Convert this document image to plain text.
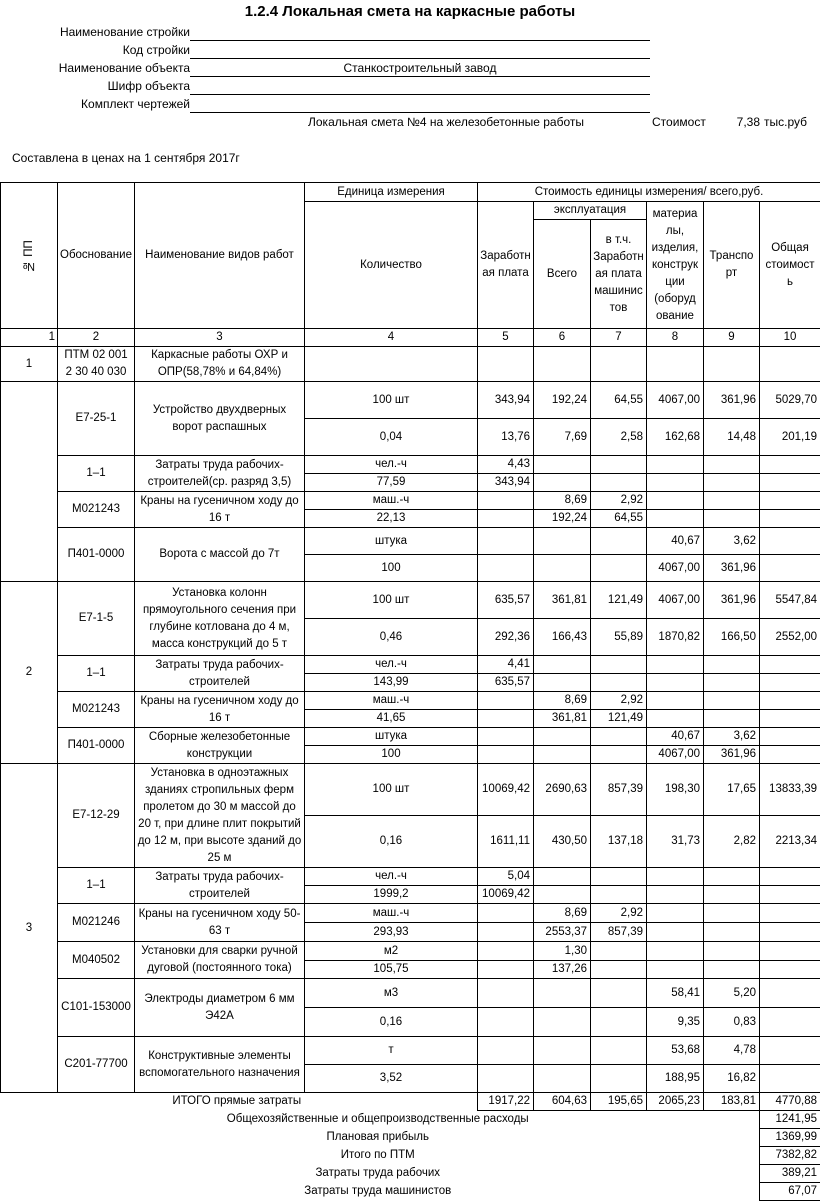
1.2.4 Локальная смета на каркасные работы
Наименование стройки
Код стройки
Наименование объекта	Станкостроительный завод
Шифр объекта
Комплект чертежей
Локальная смета №4 на железобетонные работы	Стоимост	7,38 тыс.руб
Составлена в ценах на 1 сентября 2017г
№ ПП	Обоснование	Наименование видов работ	Единица измерения	Стоимость единицы измерения/ всего,руб.					
			Количество	Заработн ая плата	эксплуатация		материа лы, изделия, конструк ции (оборуд ование	Транспо рт	Общая стоимост ь
					Всего	в т.ч. Заработн ая плата машинис тов			
1	2	3	4	5	6	7	8	9	10
1	ПТМ 02 001 2 30 40 030	Каркасные работы ОХР и ОПР(58,78% и 64,84%)							
	Е7-25-1	Устройство двухдверных ворот распашных	100 шт	343,94	192,24	64,55	4067,00	361,96	5029,70
			0,04	13,76	7,69	2,58	162,68	14,48	201,19
	1–1	Затраты труда рабочих-строителей(ср. разряд 3,5)	чел.-ч	4,43					
			77,59	343,94					
	М021243	Краны на гусеничном ходу до 16 т	маш.-ч		8,69	2,92			
			22,13		192,24	64,55			
	П401-0000	Ворота с массой до 7т	штука				40,67	3,62	
			100				4067,00	361,96	
2	Е7-1-5	Установка колонн прямоугольного сечения при глубине котлована до 4 м, масса конструкций до 5 т	100 шт	635,57	361,81	121,49	4067,00	361,96	5547,84
			0,46	292,36	166,43	55,89	1870,82	166,50	2552,00
	1–1	Затраты труда рабочих-строителей	чел.-ч	4,41					
			143,99	635,57					
	М021243	Краны на гусеничном ходу до 16 т	маш.-ч		8,69	2,92			
			41,65		361,81	121,49			
	П401-0000	Сборные железобетонные конструкции	штука				40,67	3,62	
			100				4067,00	361,96	
3	Е7-12-29	Установка в одноэтажных зданиях стропильных ферм пролетом до 30 м массой до 20 т, при длине плит покрытий до 12 м, при высоте зданий до 25 м	100 шт	10069,42	2690,63	857,39	198,30	17,65	13833,39
			0,16	1611,11	430,50	137,18	31,73	2,82	2213,34
	1–1	Затраты труда рабочих-строителей	чел.-ч	5,04					
			1999,2	10069,42					
	М021246	Краны на гусеничном ходу 50-63 т	маш.-ч		8,69	2,92			
			293,93		2553,37	857,39			
	М040502	Установки для сварки ручной дуговой (постоянного тока)	м2		1,30				
			105,75		137,26				
	С101-153000	Электроды диаметром 6 мм Э42А	м3				58,41	5,20	
			0,16				9,35	0,83	
	С201-77700	Конструктивные элементы вспомогательного назначения	т				53,68	4,78	
			3,52				188,95	16,82	
ИТОГО прямые затраты				1917,22	604,63	195,65	2065,23	183,81	4770,88
Общехозяйственные и общепроизводственные расходы									1241,95
Плановая прибыль									1369,99
Итого по ПТМ									7382,82
Затраты труда рабочих									389,21
Затраты труда машинистов									67,07
